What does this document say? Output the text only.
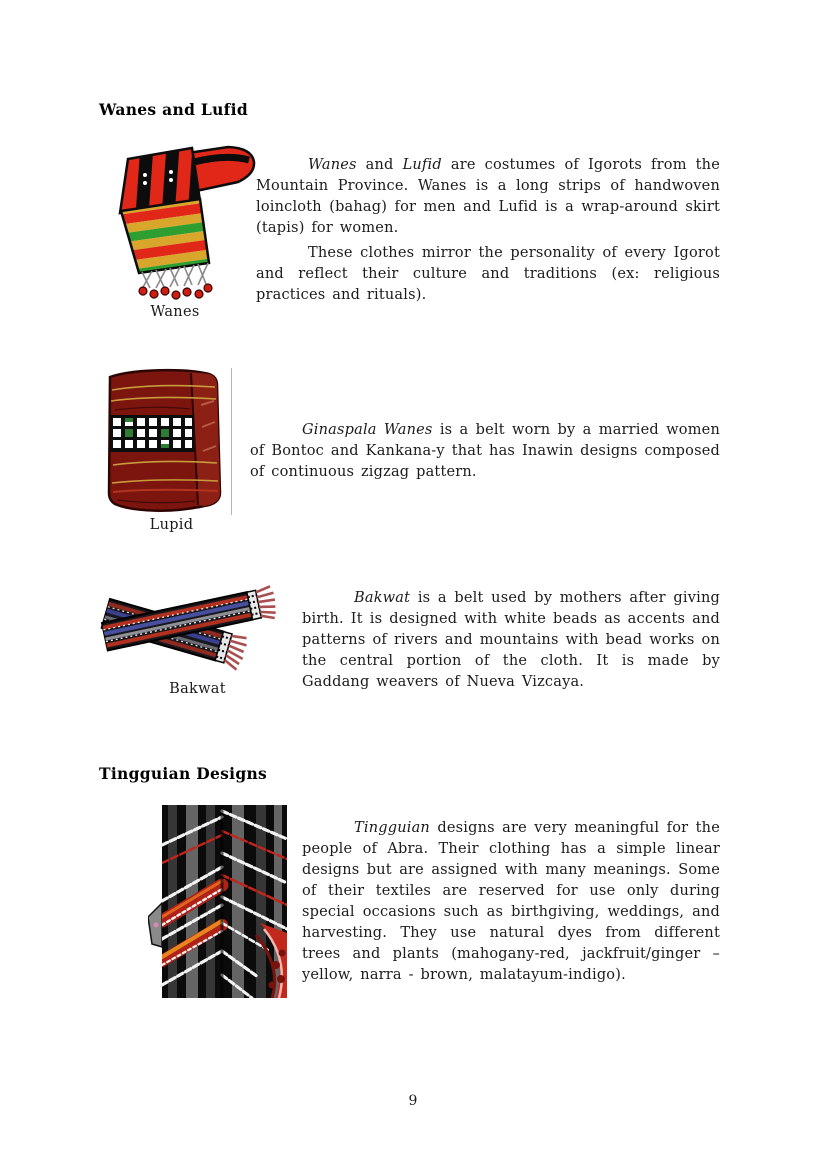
Wanes and Lufid
Wanes

Wanes and Lufid are costumes of Igorots from the Mountain Province. Wanes is a long strips of handwoven loincloth (bahag) for men and Lufid is a wrap-around skirt (tapis) for women.

These clothes mirror the personality of every Igorot and reflect their culture and traditions (ex: religious practices and rituals).

Lupid

Ginaspala Wanes is a belt worn by a married women of Bontoc and Kankana-y that has Inawin designs composed of continuous zigzag pattern.

Bakwat

Bakwat is a belt used by mothers after giving birth. It is designed with white beads as accents and patterns of rivers and mountains with bead works on the central portion of the cloth. It is made by Gaddang weavers of Nueva Vizcaya.

Tingguian Designs

Tingguian designs are very meaningful for the people of Abra. Their clothing has a simple linear designs but are assigned with many meanings. Some of their textiles are reserved for use only during special occasions such as birthgiving, weddings, and harvesting. They use natural dyes from different trees and plants (mahogany-red, jackfruit/ginger – yellow, narra - brown, malatayum-indigo).

9
